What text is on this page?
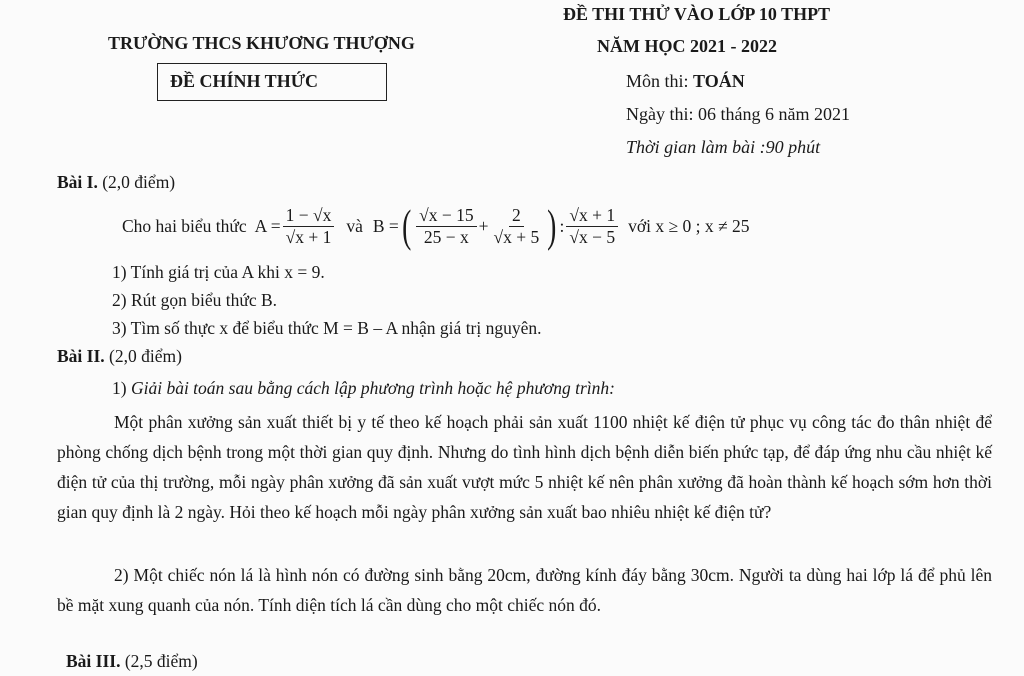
TRƯỜNG THCS KHƯƠNG THƯỢNG
ĐỀ CHÍNH THỨC
ĐỀ THI THỬ VÀO LỚP 10 THPT
NĂM HỌC 2021 - 2022
Môn thi: TOÁN
Ngày thi: 06 tháng 6 năm 2021
Thời gian làm bài :90 phút
Bài I. (2,0 điểm)
Cho hai biểu thức $A = \frac{1 - √x}{√x + 1}$ và B = ( $\frac{√x - 15}{25 - x} + \frac{2}{√x + 5}$ ) : $\frac{√x + 1}{√x - 5}$ với x ≥ 0 ; x ≠ 25
1) Tính giá trị của A khi x = 9.
2) Rút gọn biểu thức B.
3) Tìm số thực x để biểu thức M = B – A nhận giá trị nguyên.
Bài II. (2,0 điểm)
1) Giải bài toán sau bằng cách lập phương trình hoặc hệ phương trình:
Một phân xưởng sản xuất thiết bị y tế theo kế hoạch phải sản xuất 1100 nhiệt kế điện tử phục vụ công tác đo thân nhiệt để phòng chống dịch bệnh trong một thời gian quy định. Nhưng do tình hình dịch bệnh diễn biến phức tạp, để đáp ứng nhu cầu nhiệt kế điện tử của thị trường, mỗi ngày phân xưởng đã sản xuất vượt mức 5 nhiệt kế nên phân xưởng đã hoàn thành kế hoạch sớm hơn thời gian quy định là 2 ngày. Hỏi theo kế hoạch mỗi ngày phân xưởng sản xuất bao nhiêu nhiệt kế điện tử?
2) Một chiếc nón lá là hình nón có đường sinh bằng 20cm, đường kính đáy bằng 30cm. Người ta dùng hai lớp lá để phủ lên bề mặt xung quanh của nón. Tính diện tích lá cần dùng cho một chiếc nón đó.
Bài III. (2,5 điểm)
